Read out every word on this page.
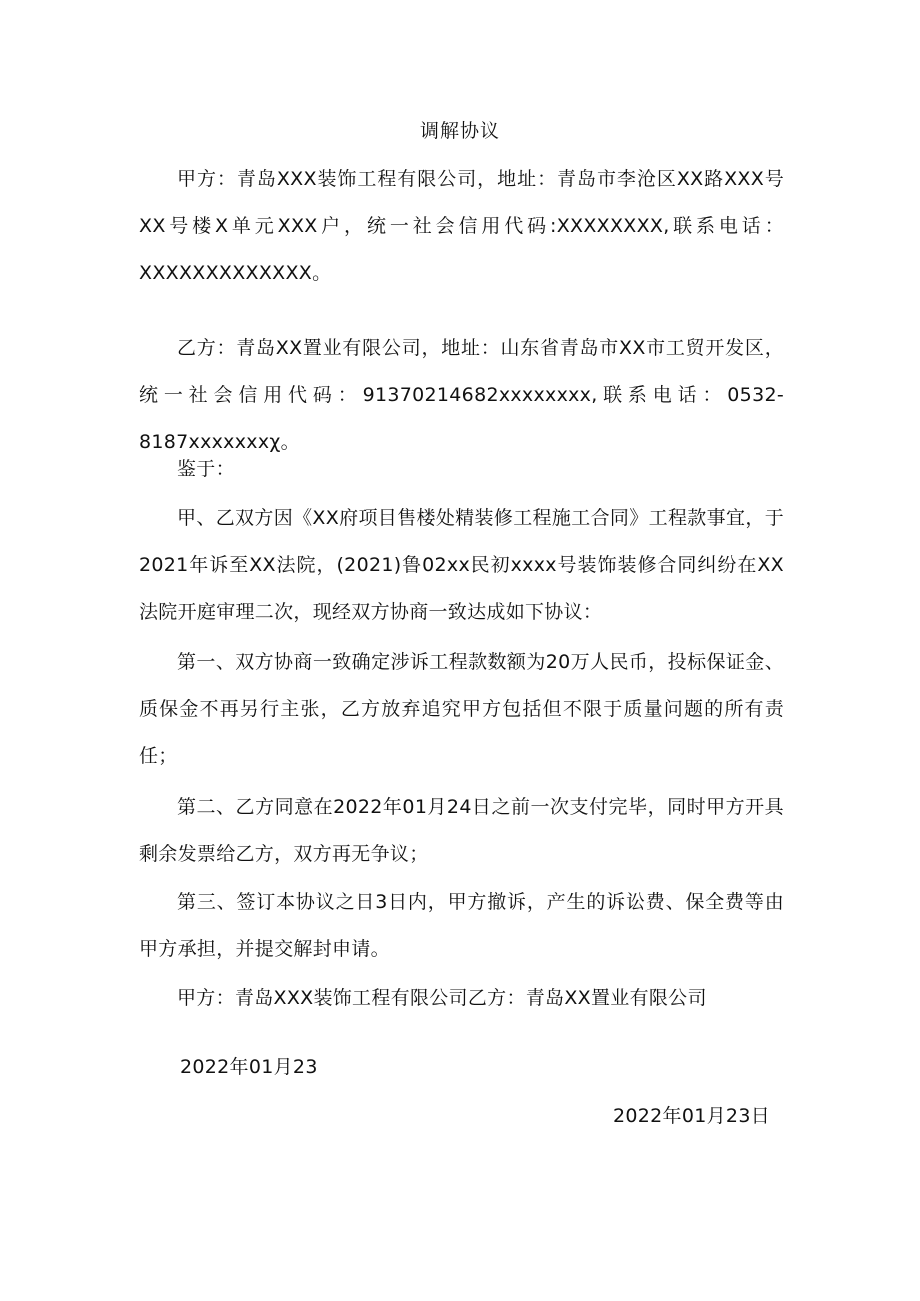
调解协议

甲方：青岛XXX装饰工程有限公司，地址：青岛市李沧区XX路XXX号XX号楼X单元XXX户，统一社会信用代码:XXXXXXXX,联系电话：XXXXXXXXXXXXX。

乙方：青岛XX置业有限公司，地址：山东省青岛市XX市工贸开发区，统一社会信用代码：91370214682xxxxxxxx,联系电话：0532-8187xxxxxxxχ。

鉴于：

甲、乙双方因《XX府项目售楼处精装修工程施工合同》工程款事宜，于2021年诉至XX法院，(2021)鲁02xx民初xxxx号装饰装修合同纠纷在XX法院开庭审理二次，现经双方协商一致达成如下协议：

第一、双方协商一致确定涉诉工程款数额为20万人民币，投标保证金、质保金不再另行主张，乙方放弃追究甲方包括但不限于质量问题的所有责任；

第二、乙方同意在2022年01月24日之前一次支付完毕，同时甲方开具剩余发票给乙方，双方再无争议；

第三、签订本协议之日3日内，甲方撤诉，产生的诉讼费、保全费等由甲方承担，并提交解封申请。

甲方：青岛XXX装饰工程有限公司乙方：青岛XX置业有限公司

2022年01月23
2022年01月23日
